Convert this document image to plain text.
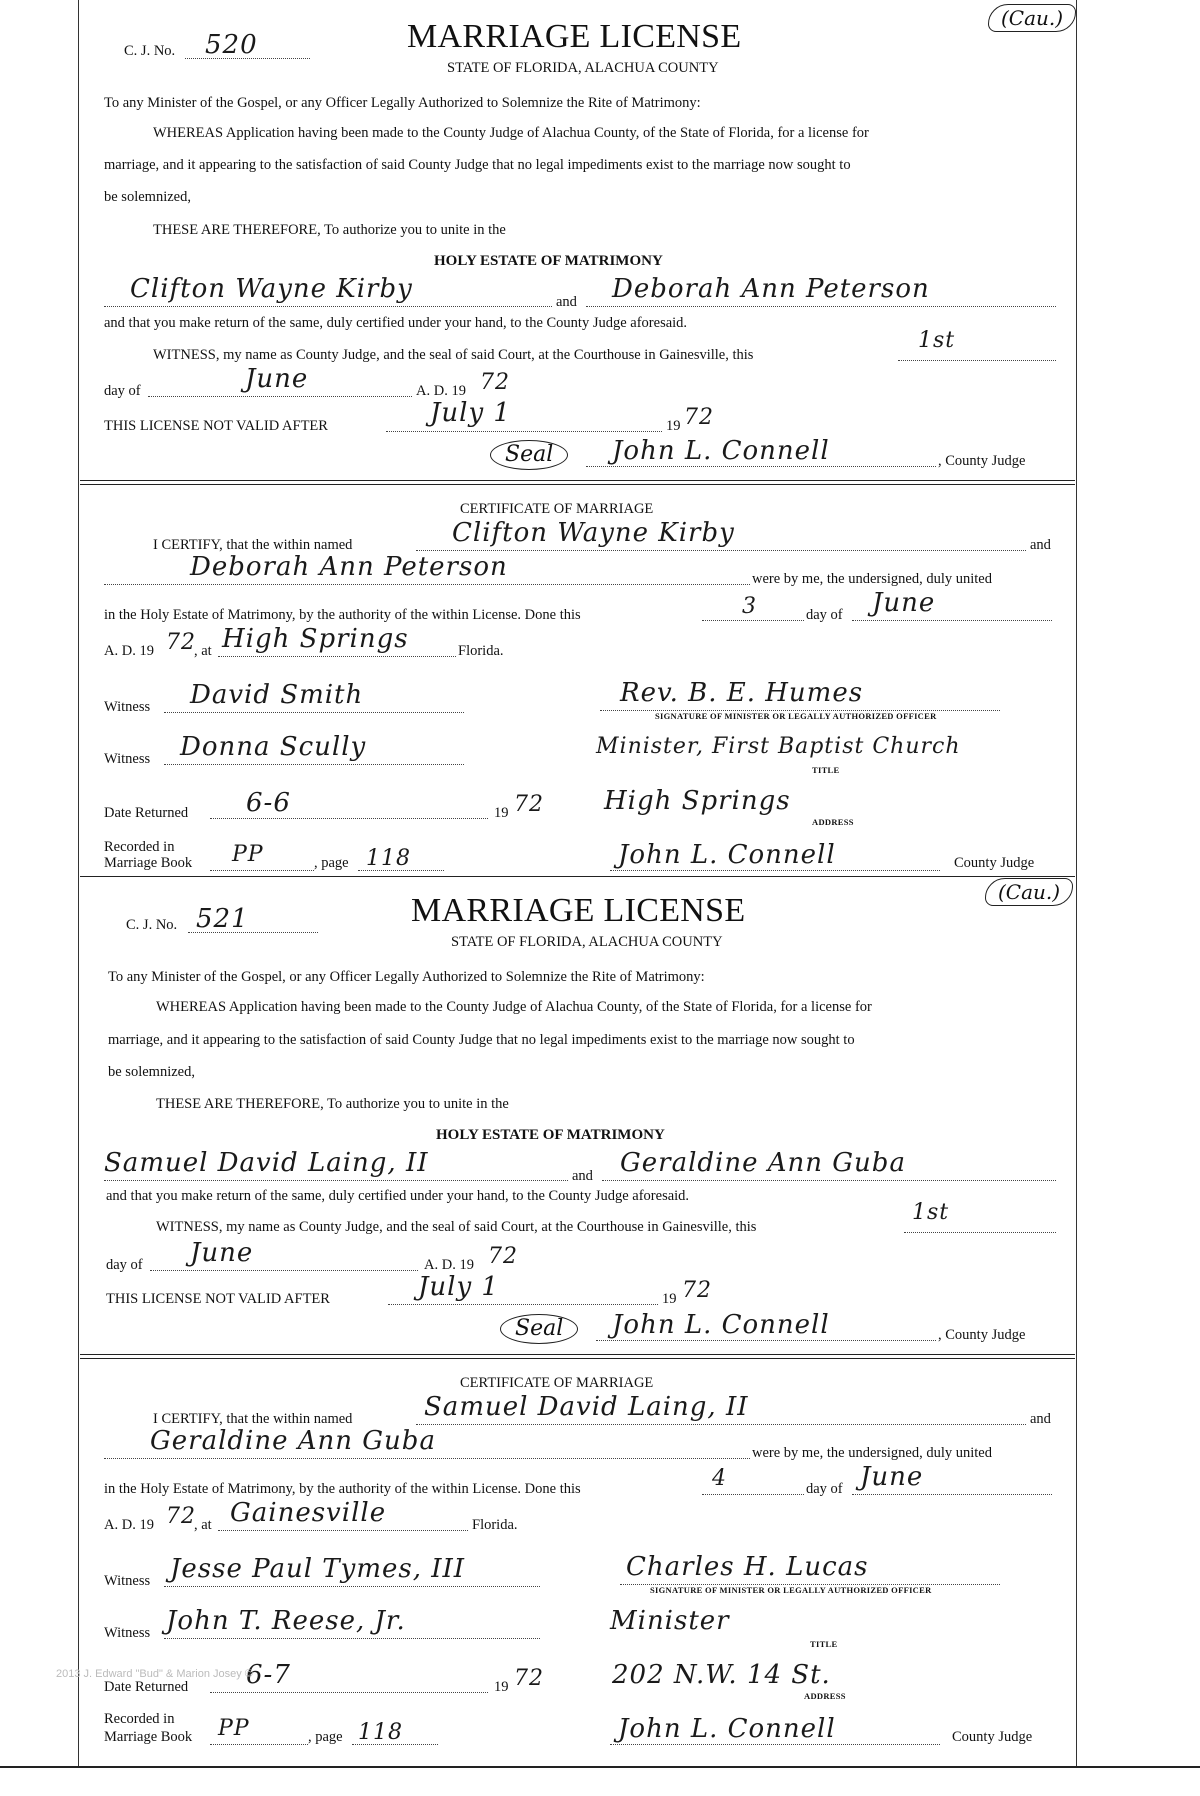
(Cau.)
C. J. No. 520	MARRIAGE LICENSE
STATE OF FLORIDA, ALACHUA COUNTY
To any Minister of the Gospel, or any Officer Legally Authorized to Solemnize the Rite of Matrimony:
WHEREAS Application having been made to the County Judge of Alachua County, of the State of Florida, for a license for
marriage, and it appearing to the satisfaction of said County Judge that no legal impediments exist to the marriage now sought to
be solemnized,
THESE ARE THEREFORE, To authorize you to unite in the
HOLY ESTATE OF MATRIMONY
Clifton Wayne Kirby	and Deborah Ann Peterson
and that you make return of the same, duly certified under your hand, to the County Judge aforesaid.
WITNESS, my name as County Judge, and the seal of said Court, at the Courthouse in Gainesville, this
1st
day of	June	A. D. 19 72
THIS LICENSE NOT VALID AFTER	July 1	19 72
Seal	John L. Connell	, County Judge
CERTIFICATE OF MARRIAGE
I CERTIFY, that the within named	Clifton Wayne Kirby	and
Deborah Ann Peterson	were by me, the undersigned, duly united
in the Holy Estate of Matrimony, by the authority of the within License. Done this	3	day of June
A. D. 19 72
, at High Springs	Florida.
Witness David Smith	Rev. B. E. Humes
SIGNATURE OF MINISTER OR LEGALLY AUTHORIZED OFFICER
Witness Donna Scully	Minister, First Baptist Church
TITLE
Date Returned 6-6	19 72 High Springs
ADDRESS
Recorded in
Marriage Book PP	, page 118	John L. Connell	County Judge
(Cau.)
C. J. No. 521	MARRIAGE LICENSE
STATE OF FLORIDA, ALACHUA COUNTY
To any Minister of the Gospel, or any Officer Legally Authorized to Solemnize the Rite of Matrimony:
WHEREAS Application having been made to the County Judge of Alachua County, of the State of Florida, for a license for
marriage, and it appearing to the satisfaction of said County Judge that no legal impediments exist to the marriage now sought to
be solemnized,
THESE ARE THEREFORE, To authorize you to unite in the
HOLY ESTATE OF MATRIMONY
Samuel David Laing, II	and Geraldine Ann Guba
and that you make return of the same, duly certified under your hand, to the County Judge aforesaid.
WITNESS, my name as County Judge, and the seal of said Court, at the Courthouse in Gainesville, this
1st
day of June	A. D. 19 72
THIS LICENSE NOT VALID AFTER	July 1	19 72
Seal	John L. Connell	, County Judge
CERTIFICATE OF MARRIAGE
I CERTIFY, that the within named	Samuel David Laing, II	and
Geraldine Ann Guba	were by me, the undersigned, duly united
in the Holy Estate of Matrimony, by the authority of the within License. Done this	4	day of June
A. D. 19 72
, at Gainesville	Florida.
Witness Jesse Paul Tymes, III	Charles H. Lucas
SIGNATURE OF MINISTER OR LEGALLY AUTHORIZED OFFICER
Witness John T. Reese, Jr.	Minister
TITLE
Date Returned 6-7	19 72	202 N.W. 14 St.
ADDRESS
Recorded in
Marriage Book PP	, page 118	John L. Connell	County Judge
2013 J. Edward "Bud" & Marion Josey ©
